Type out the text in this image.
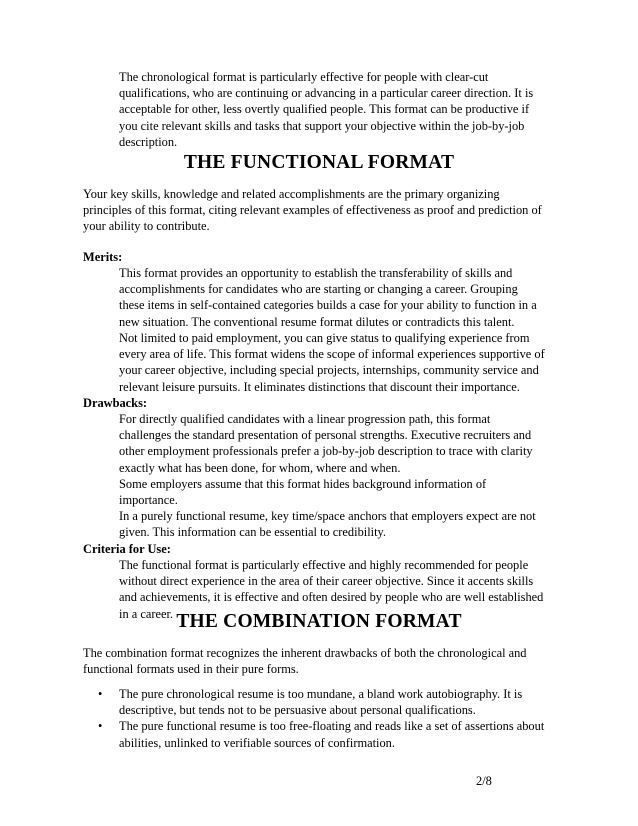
The chronological format is particularly effective for people with clear-cut qualifications, who are continuing or advancing in a particular career direction. It is acceptable for other, less overtly qualified people. This format can be productive if you cite relevant skills and tasks that support your objective within the job-by-job description.

THE FUNCTIONAL FORMAT

Your key skills, knowledge and related accomplishments are the primary organizing principles of this format, citing relevant examples of effectiveness as proof and prediction of your ability to contribute.

Merits:

This format provides an opportunity to establish the transferability of skills and accomplishments for candidates who are starting or changing a career. Grouping these items in self-contained categories builds a case for your ability to function in a new situation. The conventional resume format dilutes or contradicts this talent.

Not limited to paid employment, you can give status to qualifying experience from every area of life. This format widens the scope of informal experiences supportive of your career objective, including special projects, internships, community service and relevant leisure pursuits. It eliminates distinctions that discount their importance.

Drawbacks:

For directly qualified candidates with a linear progression path, this format challenges the standard presentation of personal strengths. Executive recruiters and other employment professionals prefer a job-by-job description to trace with clarity exactly what has been done, for whom, where and when.

Some employers assume that this format hides background information of importance.

In a purely functional resume, key time/space anchors that employers expect are not given. This information can be essential to credibility.

Criteria for Use:

The functional format is particularly effective and highly recommended for people without direct experience in the area of their career objective. Since it accents skills and achievements, it is effective and often desired by people who are well established in a career. THE COMBINATION FORMAT

The combination format recognizes the inherent drawbacks of both the chronological and functional formats used in their pure forms.

• The pure chronological resume is too mundane, a bland work autobiography. It is descriptive, but tends not to be persuasive about personal qualifications.
• The pure functional resume is too free-floating and reads like a set of assertions about abilities, unlinked to verifiable sources of confirmation.
2/8
